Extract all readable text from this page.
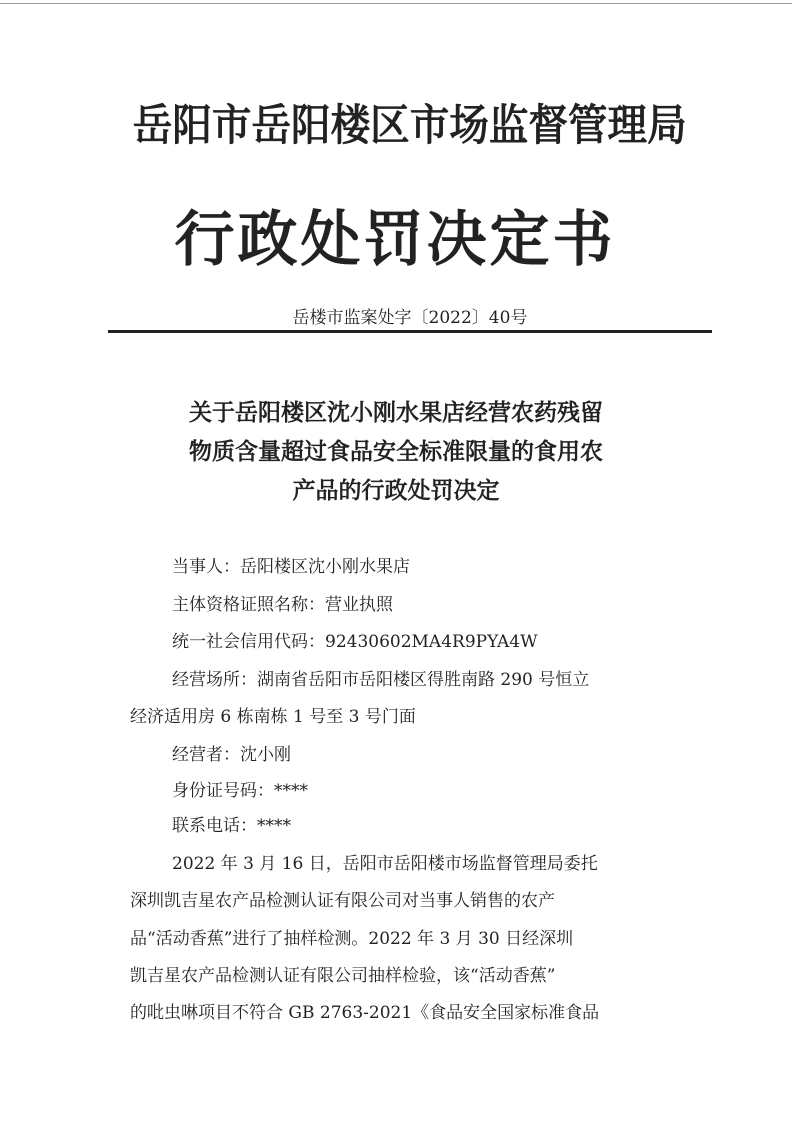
岳阳市岳阳楼区市场监督管理局
行政处罚决定书
岳楼市监案处字〔2022〕40号
关于岳阳楼区沈小刚水果店经营农药残留
物质含量超过食品安全标准限量的食用农
产品的行政处罚决定
当事人：岳阳楼区沈小刚水果店
主体资格证照名称：营业执照
统一社会信用代码：92430602MA4R9PYA4W
经营场所：湖南省岳阳市岳阳楼区得胜南路 290 号恒立
经济适用房 6 栋南栋 1 号至 3 号门面
经营者：沈小刚
身份证号码：****
联系电话：****
2022 年 3 月 16 日，岳阳市岳阳楼市场监督管理局委托
深圳凯吉星农产品检测认证有限公司对当事人销售的农产
品“活动香蕉”进行了抽样检测。2022 年 3 月 30 日经深圳
凯吉星农产品检测认证有限公司抽样检验，该“活动香蕉”
的吡虫啉项目不符合 GB 2763-2021《食品安全国家标准食品
